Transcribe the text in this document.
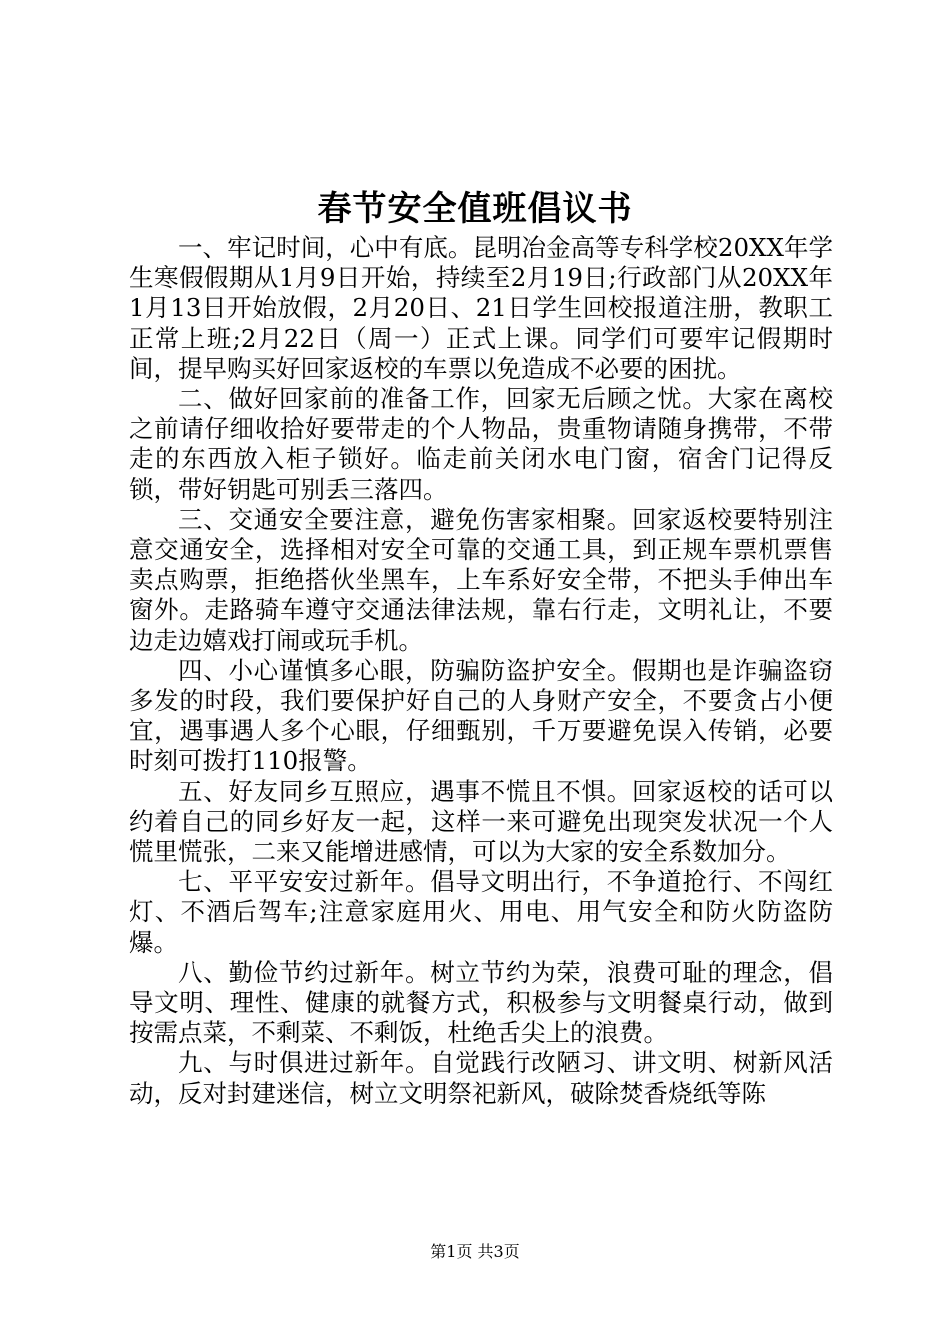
春节安全值班倡议书

一、牢记时间，心中有底。昆明冶金高等专科学校20XX年学生寒假假期从1月9日开始，持续至2月19日;行政部门从20XX年1月13日开始放假，2月20日、21日学生回校报道注册，教职工正常上班;2月22日（周一）正式上课。同学们可要牢记假期时间，提早购买好回家返校的车票以免造成不必要的困扰。

二、做好回家前的准备工作，回家无后顾之忧。大家在离校之前请仔细收拾好要带走的个人物品，贵重物请随身携带，不带走的东西放入柜子锁好。临走前关闭水电门窗，宿舍门记得反锁，带好钥匙可别丢三落四。

三、交通安全要注意，避免伤害家相聚。回家返校要特别注意交通安全，选择相对安全可靠的交通工具，到正规车票机票售卖点购票，拒绝搭伙坐黑车，上车系好安全带，不把头手伸出车窗外。走路骑车遵守交通法律法规，靠右行走，文明礼让，不要边走边嬉戏打闹或玩手机。

四、小心谨慎多心眼，防骗防盗护安全。假期也是诈骗盗窃多发的时段，我们要保护好自己的人身财产安全，不要贪占小便宜，遇事遇人多个心眼，仔细甄别，千万要避免误入传销，必要时刻可拨打110报警。

五、好友同乡互照应，遇事不慌且不惧。回家返校的话可以约着自己的同乡好友一起，这样一来可避免出现突发状况一个人慌里慌张，二来又能增进感情，可以为大家的安全系数加分。

七、平平安安过新年。倡导文明出行，不争道抢行、不闯红灯、不酒后驾车;注意家庭用火、用电、用气安全和防火防盗防爆。

八、勤俭节约过新年。树立节约为荣，浪费可耻的理念，倡导文明、理性、健康的就餐方式，积极参与文明餐桌行动，做到按需点菜，不剩菜、不剩饭，杜绝舌尖上的浪费。

九、与时俱进过新年。自觉践行改陋习、讲文明、树新风活动，反对封建迷信，树立文明祭祀新风，破除焚香烧纸等陈

第1页 共3页
